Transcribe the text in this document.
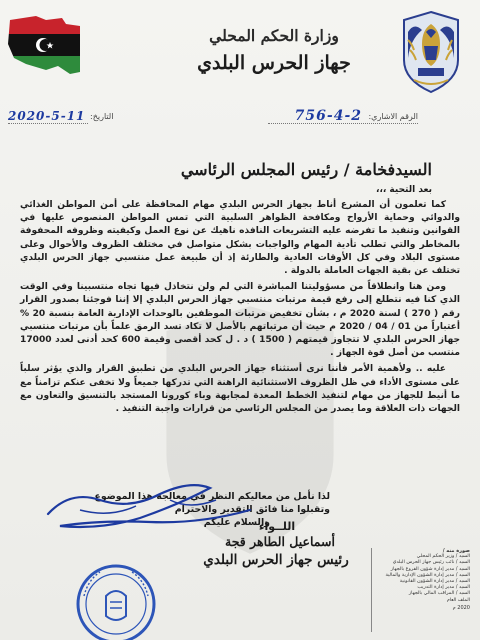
وزارة الحكم المحلي
جهاز الحرس البلدي
الرقم الاشاري:
756-4-2
التاريخ:
2020-5-11
السيدفخامة / رئيس المجلس الرئاسي
بعد التحية ،،،

كما تعلمون أن المشرع أناط بجهاز الحرس البلدي مهام المحافظة على أمن المواطن الغذائي والدوائي وحماية الأرواح ومكافحة الظواهر السلبية التي تمس المواطن المنصوص عليها في القوانين وتنفيذ ما تفرضه عليه التشريعات النافذه ناهيك عن نوع العمل وكيفيته وظروفه المحفوفة بالمخاطر والتي تطلب تأدية المهام والواجبات بشكل متواصل في مختلف الظروف والأحوال وعلى مستوى البلاد وفي كل الأوقات العادية والطارئة إذ أن طبيعة عمل منتسبي جهاز الحرس البلدي تختلف عن بقية الجهات العاملة بالدولة .

ومن هنا وانطلاقاً من مسؤوليتنا المباشرة التي لم ولن نتخاذل فيها تجاه منتسبينا وفي الوقت الذي كنا فيه نتطلع إلى رفع قيمة مرتبات منتسبي جهاز الحرس البلدي إلا إننا فوجئنا بصدور القرار رقم ( 270 ) لسنة 2020 م ، بشأن تخفيض مرتبات الموظفين بالوحدات الإدارية العامة بنسبة 20 % أعتباراً من 01 / 04 / 2020 م حيث أن مرتباتهم بالأصل لا تكاد تسد الرمق علماً بأن مرتبات منتسبي جهاز الحرس البلدي لا تتجاوز قيمتهم ( 1500 ) د . ل كحد أقصى وقيمة 600 كحد أدنى لعدد 17000 منتسب من أصل قوة الجهاز .

عليه .. ولأهمية الأمر فأننا نرى أستثناء جهاز الحرس البلدي من تطبيق القرار والذي يؤثر سلباً على مستوى الأداء في ظل الظروف الاستثنائية الراهنة التي تدركها جميعاً ولا تخفى عنكم تزامناً مع ما أنيط للجهاز من مهام لتنفيذ الخطط المعدة لمجابهة وباء كورونا المستجد بالتنسيق والتعاون مع الجهات ذات العلاقة وما يصدر من المجلس الرئاسي من قرارات واجبة التنفيذ .

لذا نأمل من معاليكم النظر في معالجة هذا الموضوع
وتقبلوا منا فائق التقدير والاحترام
والسلام عليكم
اللــواء
أسماعيل الطاهر قجة
رئيس جهاز الحرس البلدي
صورة منه /
السيد / وزير الحكم المحلي
السيد / نائب رئيس جهاز الحرس البلدي
السيد / مدير إدارة شؤون الفروع بالجهاز
السيد / مدير إدارة الشؤون الإدارية والمالية
السيد / مدير إدارة الشؤون القانونية
السيد / مدير إدارة التدريب
السيد / المراقب المالي بالجهاز
الملف العام
2020 م
